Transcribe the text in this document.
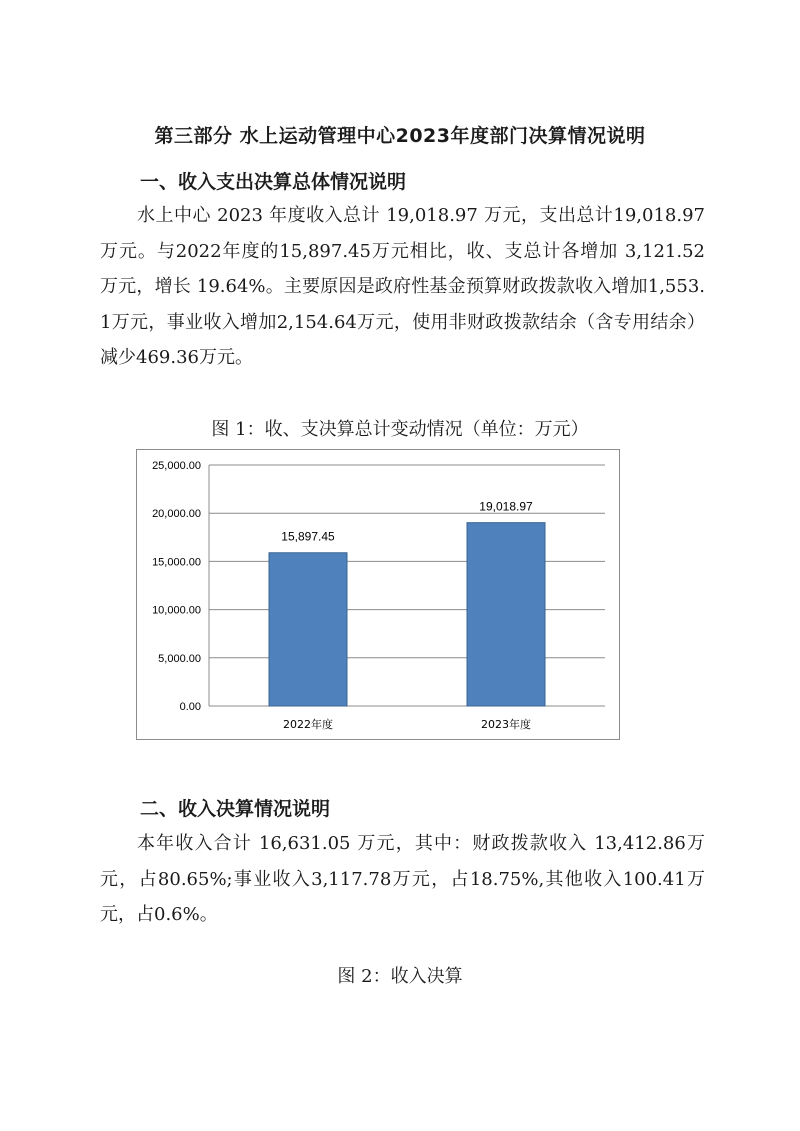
第三部分 水上运动管理中心2023年度部门决算情况说明
一、收入支出决算总体情况说明

水上中心 2023 年度收入总计 19,018.97 万元，支出总计19,018.97万元。与2022年度的15,897.45万元相比，收、支总计各增加 3,121.52 万元，增长 19.64%。主要原因是政府性基金预算财政拨款收入增加1,553.1万元，事业收入增加2,154.64万元，使用非财政拨款结余（含专用结余）减少469.36万元。

图 1：收、支决算总计变动情况（单位：万元）
0.00
5,000.00
10,000.00
15,000.00
20,000.00
25,000.00
15,897.45
2022年度
19,018.97
2023年度
二、收入决算情况说明

本年收入合计 16,631.05 万元，其中：财政拨款收入 13,412.86万元，占80.65%;事业收入3,117.78万元，占18.75%,其他收入100.41万元，占0.6%。

图 2：收入决算
